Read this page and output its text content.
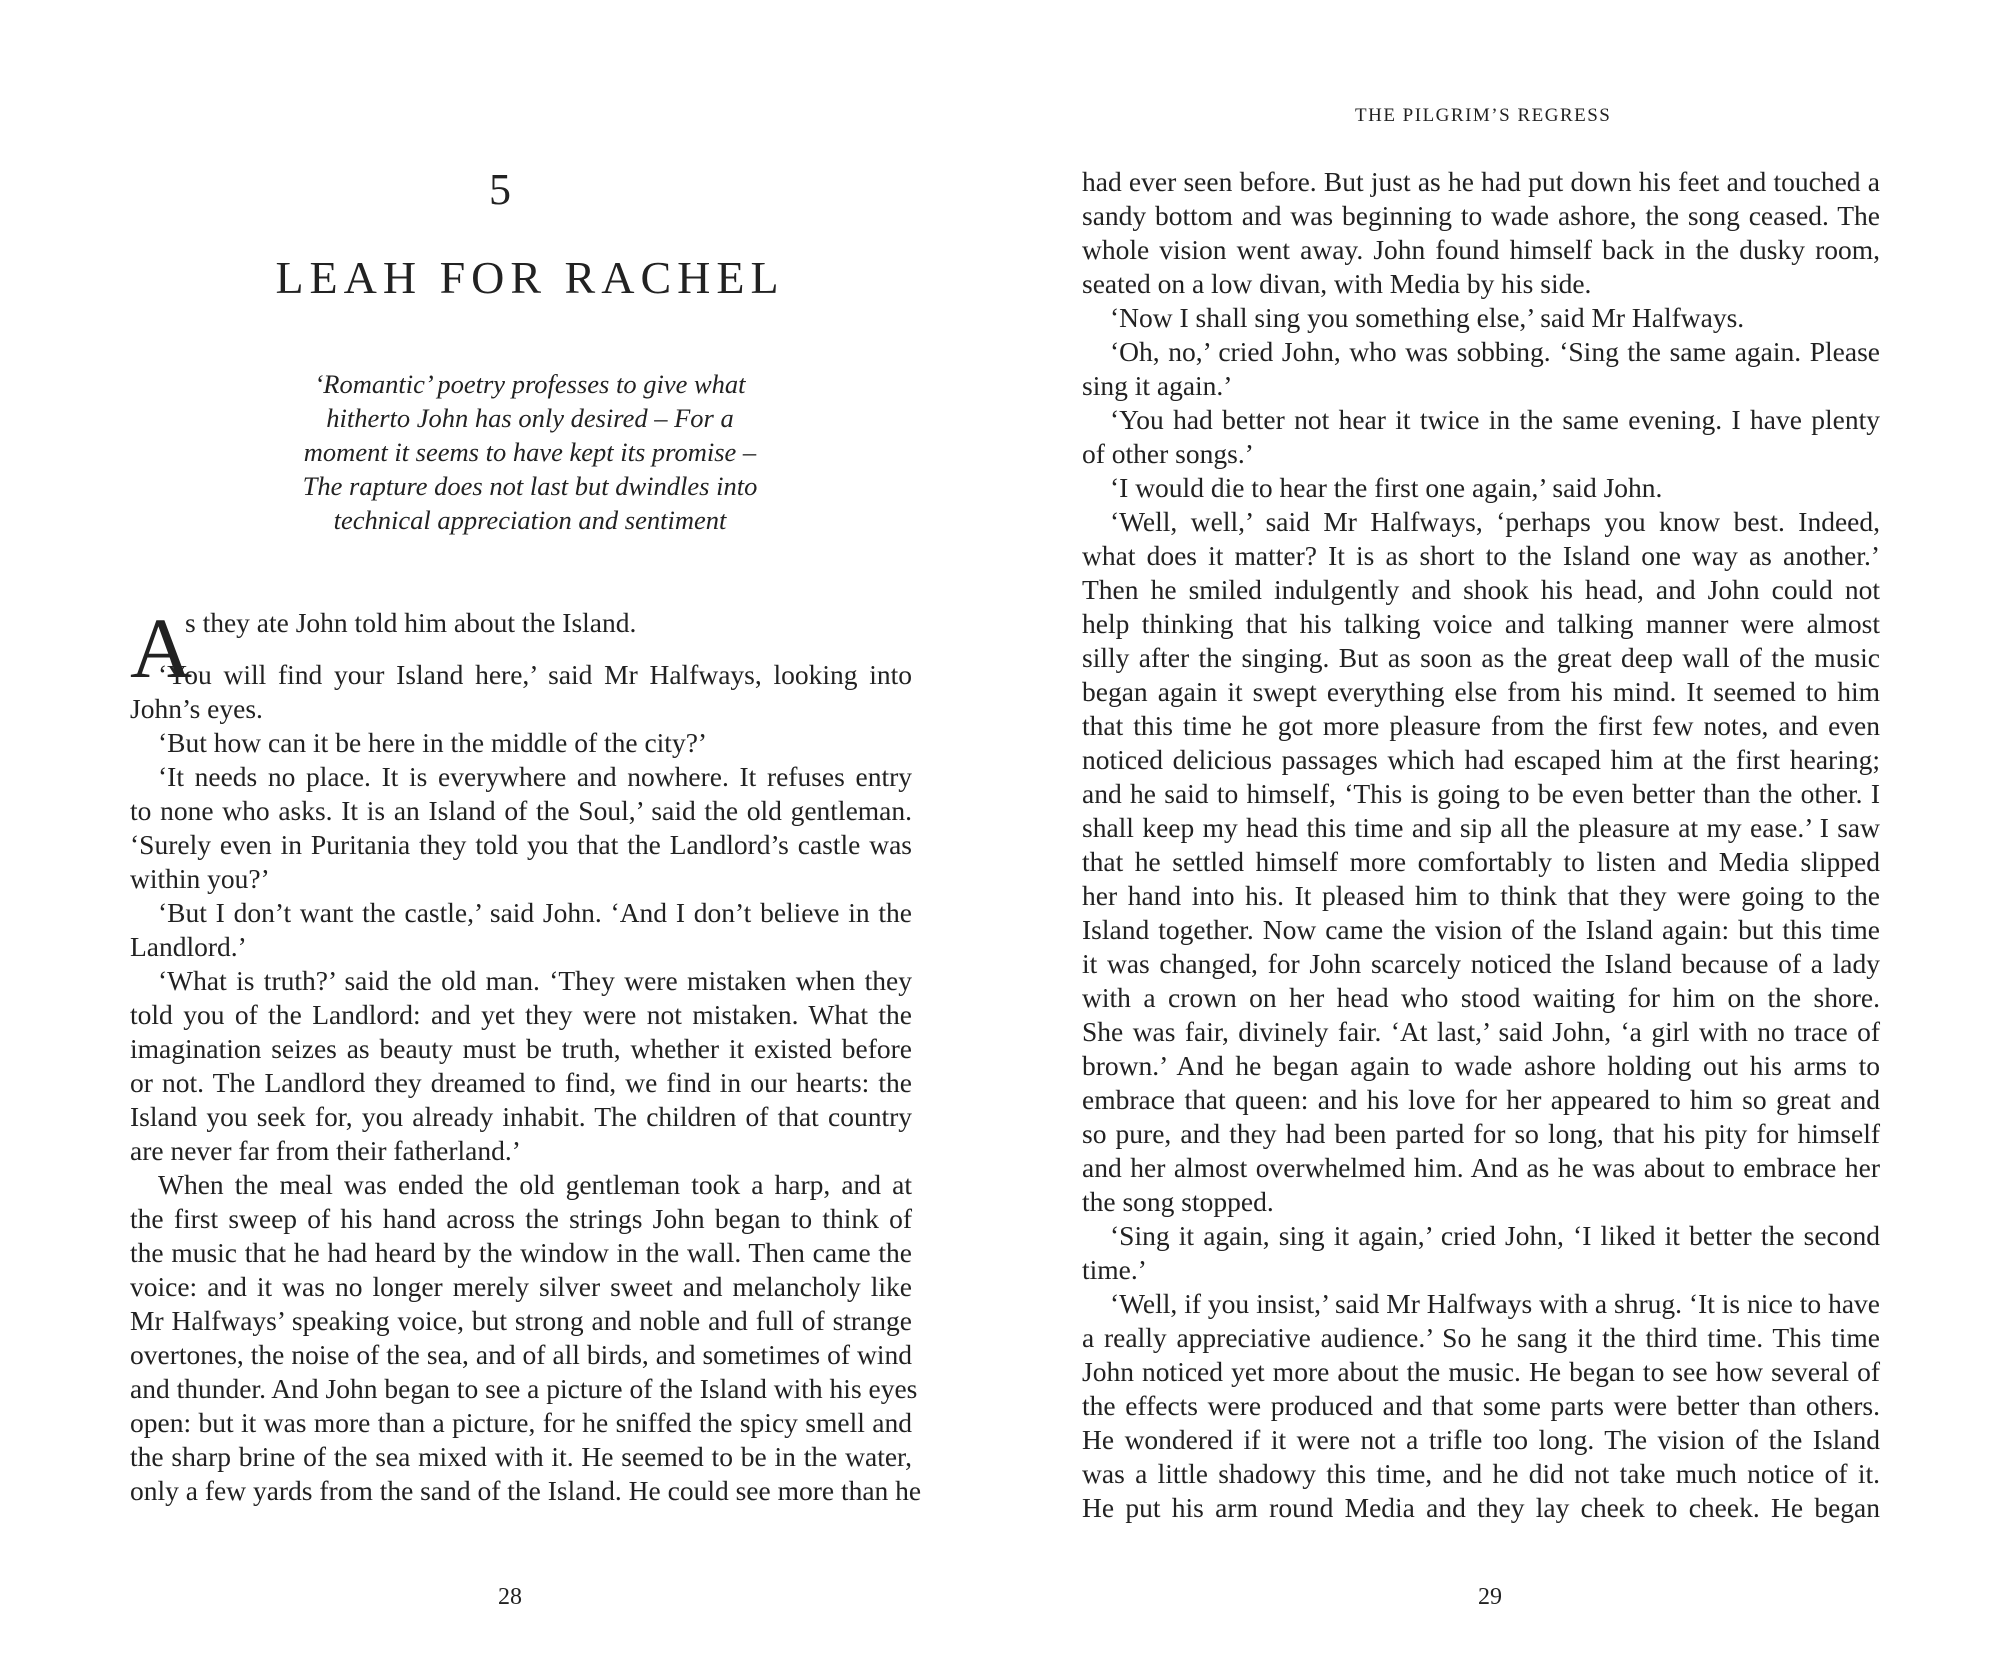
5
LEAH FOR RACHEL
‘Romantic’ poetry professes to give what
hitherto John has only desired – For a
moment it seems to have kept its promise –
The rapture does not last but dwindles into
technical appreciation and sentiment
A
s they ate John told him about the Island.
‘You will find your Island here,’ said Mr Halfways, looking into
John’s eyes.
‘But how can it be here in the middle of the city?’
‘It needs no place. It is everywhere and nowhere. It refuses entry
to none who asks. It is an Island of the Soul,’ said the old gentleman.
‘Surely even in Puritania they told you that the Landlord’s castle was
within you?’
‘But I don’t want the castle,’ said John. ‘And I don’t believe in the
Landlord.’
‘What is truth?’ said the old man. ‘They were mistaken when they
told you of the Landlord: and yet they were not mistaken. What the
imagination seizes as beauty must be truth, whether it existed before
or not. The Landlord they dreamed to find, we find in our hearts: the
Island you seek for, you already inhabit. The children of that country
are never far from their fatherland.’
When the meal was ended the old gentleman took a harp, and at
the first sweep of his hand across the strings John began to think of
the music that he had heard by the window in the wall. Then came the
voice: and it was no longer merely silver sweet and melancholy like
Mr Halfways’ speaking voice, but strong and noble and full of strange
overtones, the noise of the sea, and of all birds, and sometimes of wind
and thunder. And John began to see a picture of the Island with his eyes
open: but it was more than a picture, for he sniffed the spicy smell and
the sharp brine of the sea mixed with it. He seemed to be in the water,
only a few yards from the sand of the Island. He could see more than he
28
THE PILGRIM’S REGRESS
had ever seen before. But just as he had put down his feet and touched a
sandy bottom and was beginning to wade ashore, the song ceased. The
whole vision went away. John found himself back in the dusky room,
seated on a low divan, with Media by his side.
‘Now I shall sing you something else,’ said Mr Halfways.
‘Oh, no,’ cried John, who was sobbing. ‘Sing the same again. Please
sing it again.’
‘You had better not hear it twice in the same evening. I have plenty
of other songs.’
‘I would die to hear the first one again,’ said John.
‘Well, well,’ said Mr Halfways, ‘perhaps you know best. Indeed,
what does it matter? It is as short to the Island one way as another.’
Then he smiled indulgently and shook his head, and John could not
help thinking that his talking voice and talking manner were almost
silly after the singing. But as soon as the great deep wall of the music
began again it swept everything else from his mind. It seemed to him
that this time he got more pleasure from the first few notes, and even
noticed delicious passages which had escaped him at the first hearing;
and he said to himself, ‘This is going to be even better than the other. I
shall keep my head this time and sip all the pleasure at my ease.’ I saw
that he settled himself more comfortably to listen and Media slipped
her hand into his. It pleased him to think that they were going to the
Island together. Now came the vision of the Island again: but this time
it was changed, for John scarcely noticed the Island because of a lady
with a crown on her head who stood waiting for him on the shore.
She was fair, divinely fair. ‘At last,’ said John, ‘a girl with no trace of
brown.’ And he began again to wade ashore holding out his arms to
embrace that queen: and his love for her appeared to him so great and
so pure, and they had been parted for so long, that his pity for himself
and her almost overwhelmed him. And as he was about to embrace her
the song stopped.
‘Sing it again, sing it again,’ cried John, ‘I liked it better the second
time.’
‘Well, if you insist,’ said Mr Halfways with a shrug. ‘It is nice to have
a really appreciative audience.’ So he sang it the third time. This time
John noticed yet more about the music. He began to see how several of
the effects were produced and that some parts were better than others.
He wondered if it were not a trifle too long. The vision of the Island
was a little shadowy this time, and he did not take much notice of it.
He put his arm round Media and they lay cheek to cheek. He began
29
